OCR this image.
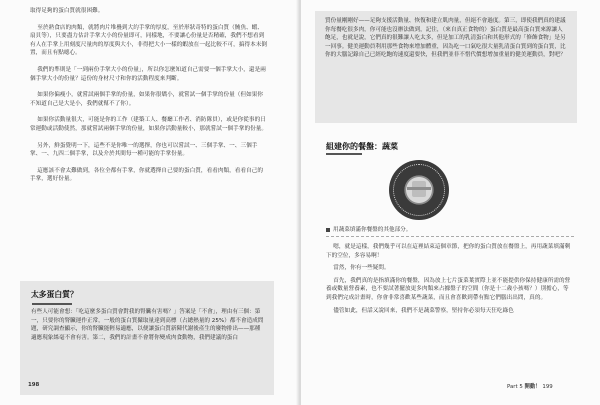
取得足夠的蛋白質就很困難。

至於熟食店的肉類，就將肉片堆疊到大約手掌的厚度，至於形狀奇特的蛋白質（鮪魚、蝦、扇貝等），只要盡力估計手掌大小的份量即可，同樣地，不要讓心份量是否精確，我們不想看到有人在手掌上用刻度尺量肉的厚度與大小，非得把大小一樣的蝦放在一起比較不可，搞得本末倒置，而且有點噁心。

我們的準則是「一到兩份手掌大小的份量」，所以你怎麼知道自己需要一個手掌大小，還是兩個手掌大小的份量？這份的身材尺寸和你的活動程度來判斷。

如果你偏瘦小，就嘗試兩個手掌的份量，如果你很矯小，就嘗試一個手掌的份量（但如果你不知道自己是大是小，我們就幫不了你）。

如果你活動量很大，可能是你的工作（建築工人、餐廳工作者、消防隊員），或是你從事的日常運動或活動使然，那就嘗試兩個手掌的份量，如果你活動量較小，那就嘗試一個手掌的份量。

另外，鮮蛋覺明一下，這些不是你唯一的選擇，你也可以嘗試一、三個手掌、一、三個手掌、一、九四二個手掌，以及介於其間每一種可能的手掌份量。

這應該不會太難做到，各位全都有手掌，你就選擇自己要的蛋白質，看看肉類，看看自己的手掌，選好份量。

太多蛋白質？
有些人可能會想：「吃這麼多蛋白質會對我的腎臟有害嗎？」答案是「不會」，理由有三個：第一，只要你的腎臟運作正常，一般的蛋白質攝取量達到高標（占總熱量的 25%）都不會造成問題，研究調查顯示，你的腎臟能輕易適應，以便讓蛋白質新陳代謝後產生的廢物排出——那種適應現象絲毫不會有害。第二，我們的計畫不會將你變成肉食動物，我們建議的蛋白
198
質份量剛剛好——足夠支援活動量、恢復和建立肌肉量，但絕不會過度。第三，即使我們真的建議你每餐吃很多肉，你可能也沒辦法做到，記住，（來自真正食物的）蛋白質是最高蛋白質來源讓人飽足，也就是說，它們真的很難讓人吃太多，但是加工的乳清蛋白和其他形式的「修飾食物」是另一回事。健美運動員利用那些食物來增加體重，因為吃一口氣吃很大量乳清蛋白質到的蛋白質，比你的大腦記錄自己已經吃飽的速度還要快，但我們並非不惜代價想增加重量的健美運動員，對吧？
組建你的餐盤：蔬菜
用蔬菜填滿你餐盤的其他部分。

嗯，就是這樣，我們幾乎可以在這裡結束這個章節，把你的蛋白質放在餐盤上，再用蔬菜填滿剩下的空位，多容易啊！

當然，你有一些疑問。

首先，我們真的是指填滿你的餐盤，因為放上七片蛋菜葉實際上並不能提供你保持健康所需的營養或數量營養素，也不要試著擺放更多肉類來占據盤子的空間（你是十二歲小孩嗎？）別擔心，等到我們完成計畫時，你會非常喜歡某些蔬菜，而且會喜歡到帶有點它們腦出出問，真的。

儘管如此，但話又說回來，我們不是蔬菜警察，堅持你必須每天狂吃綠色

Part 5 開動！ 199
